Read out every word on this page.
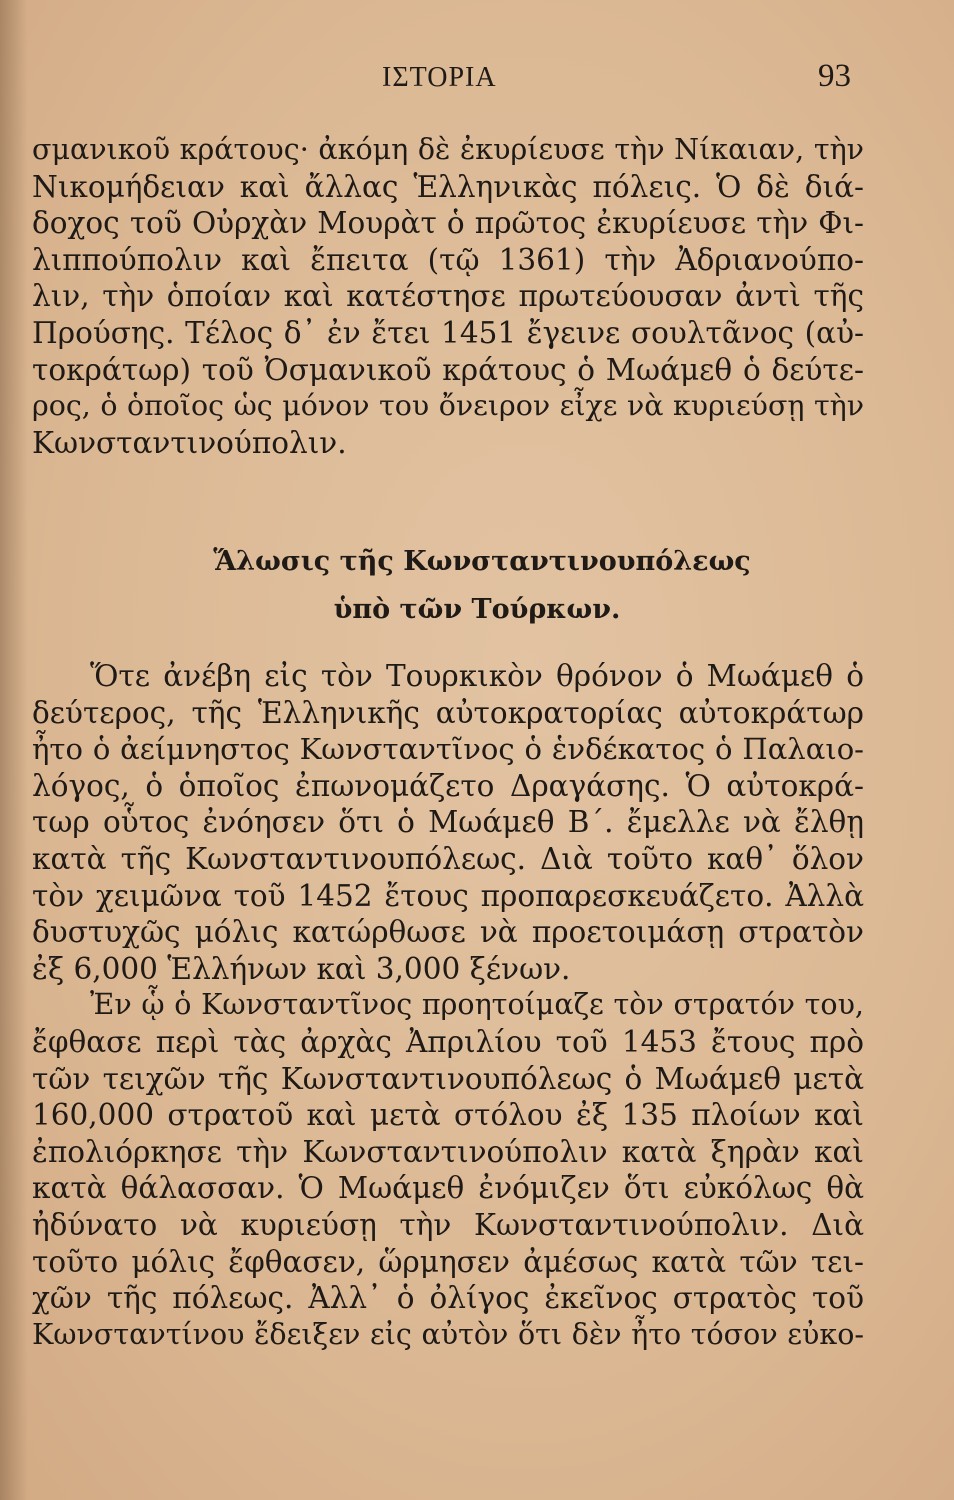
ΙΣΤΟΡΙΑ	93
σμανικοῦ κράτους· ἀκόμη δὲ ἐκυρίευσε τὴν Νίκαιαν, τὴν
Νικομήδειαν καὶ ἄλλας Ἑλληνικὰς πόλεις. Ὁ δὲ διά-
δοχος τοῦ Οὐρχὰν Μουρὰτ ὁ πρῶτος ἐκυρίευσε τὴν Φι-
λιππούπολιν καὶ ἔπειτα (τῷ 1361) τὴν Ἀδριανούπο-
λιν, τὴν ὁποίαν καὶ κατέστησε πρωτεύουσαν ἀντὶ τῆς
Προύσης. Τέλος δ᾽ ἐν ἔτει 1451 ἔγεινε σουλτᾶνος (αὐ-
τοκράτωρ) τοῦ Ὀσμανικοῦ κράτους ὁ Μωάμεθ ὁ δεύτε-
ρος, ὁ ὁποῖος ὡς μόνον του ὄνειρον εἶχε νὰ κυριεύσῃ τὴν
Κωνσταντινούπολιν.
Ἅλωσις τῆς Κωνσταντινουπόλεως
ὑπὸ τῶν Τούρκων.
Ὅτε ἀνέβη εἰς τὸν Τουρκικὸν θρόνον ὁ Μωάμεθ ὁ
δεύτερος, τῆς Ἑλληνικῆς αὐτοκρατορίας αὐτοκράτωρ
ἦτο ὁ ἀείμνηστος Κωνσταντῖνος ὁ ἑνδέκατος ὁ Παλαιο-
λόγος, ὁ ὁποῖος ἐπωνομάζετο Δραγάσης. Ὁ αὐτοκρά-
τωρ οὗτος ἐνόησεν ὅτι ὁ Μωάμεθ Β΄. ἔμελλε νὰ ἔλθῃ
κατὰ τῆς Κωνσταντινουπόλεως. Διὰ τοῦτο καθ᾽ ὅλον
τὸν χειμῶνα τοῦ 1452 ἔτους προπαρεσκευάζετο. Ἀλλὰ
δυστυχῶς μόλις κατώρθωσε νὰ προετοιμάσῃ στρατὸν
ἐξ 6,000 Ἑλλήνων καὶ 3,000 ξένων.
Ἐν ᾧ ὁ Κωνσταντῖνος προητοίμαζε τὸν στρατόν του,
ἔφθασε περὶ τὰς ἀρχὰς Ἀπριλίου τοῦ 1453 ἔτους πρὸ
τῶν τειχῶν τῆς Κωνσταντινουπόλεως ὁ Μωάμεθ μετὰ
160,000 στρατοῦ καὶ μετὰ στόλου ἐξ 135 πλοίων καὶ
ἐπολιόρκησε τὴν Κωνσταντινούπολιν κατὰ ξηρὰν καὶ
κατὰ θάλασσαν. Ὁ Μωάμεθ ἐνόμιζεν ὅτι εὐκόλως θὰ
ἠδύνατο νὰ κυριεύσῃ τὴν Κωνσταντινούπολιν. Διὰ
τοῦτο μόλις ἔφθασεν, ὥρμησεν ἀμέσως κατὰ τῶν τει-
χῶν τῆς πόλεως. Ἀλλ᾽ ὁ ὀλίγος ἐκεῖνος στρατὸς τοῦ
Κωνσταντίνου ἔδειξεν εἰς αὐτὸν ὅτι δὲν ἦτο τόσον εὐκο-
